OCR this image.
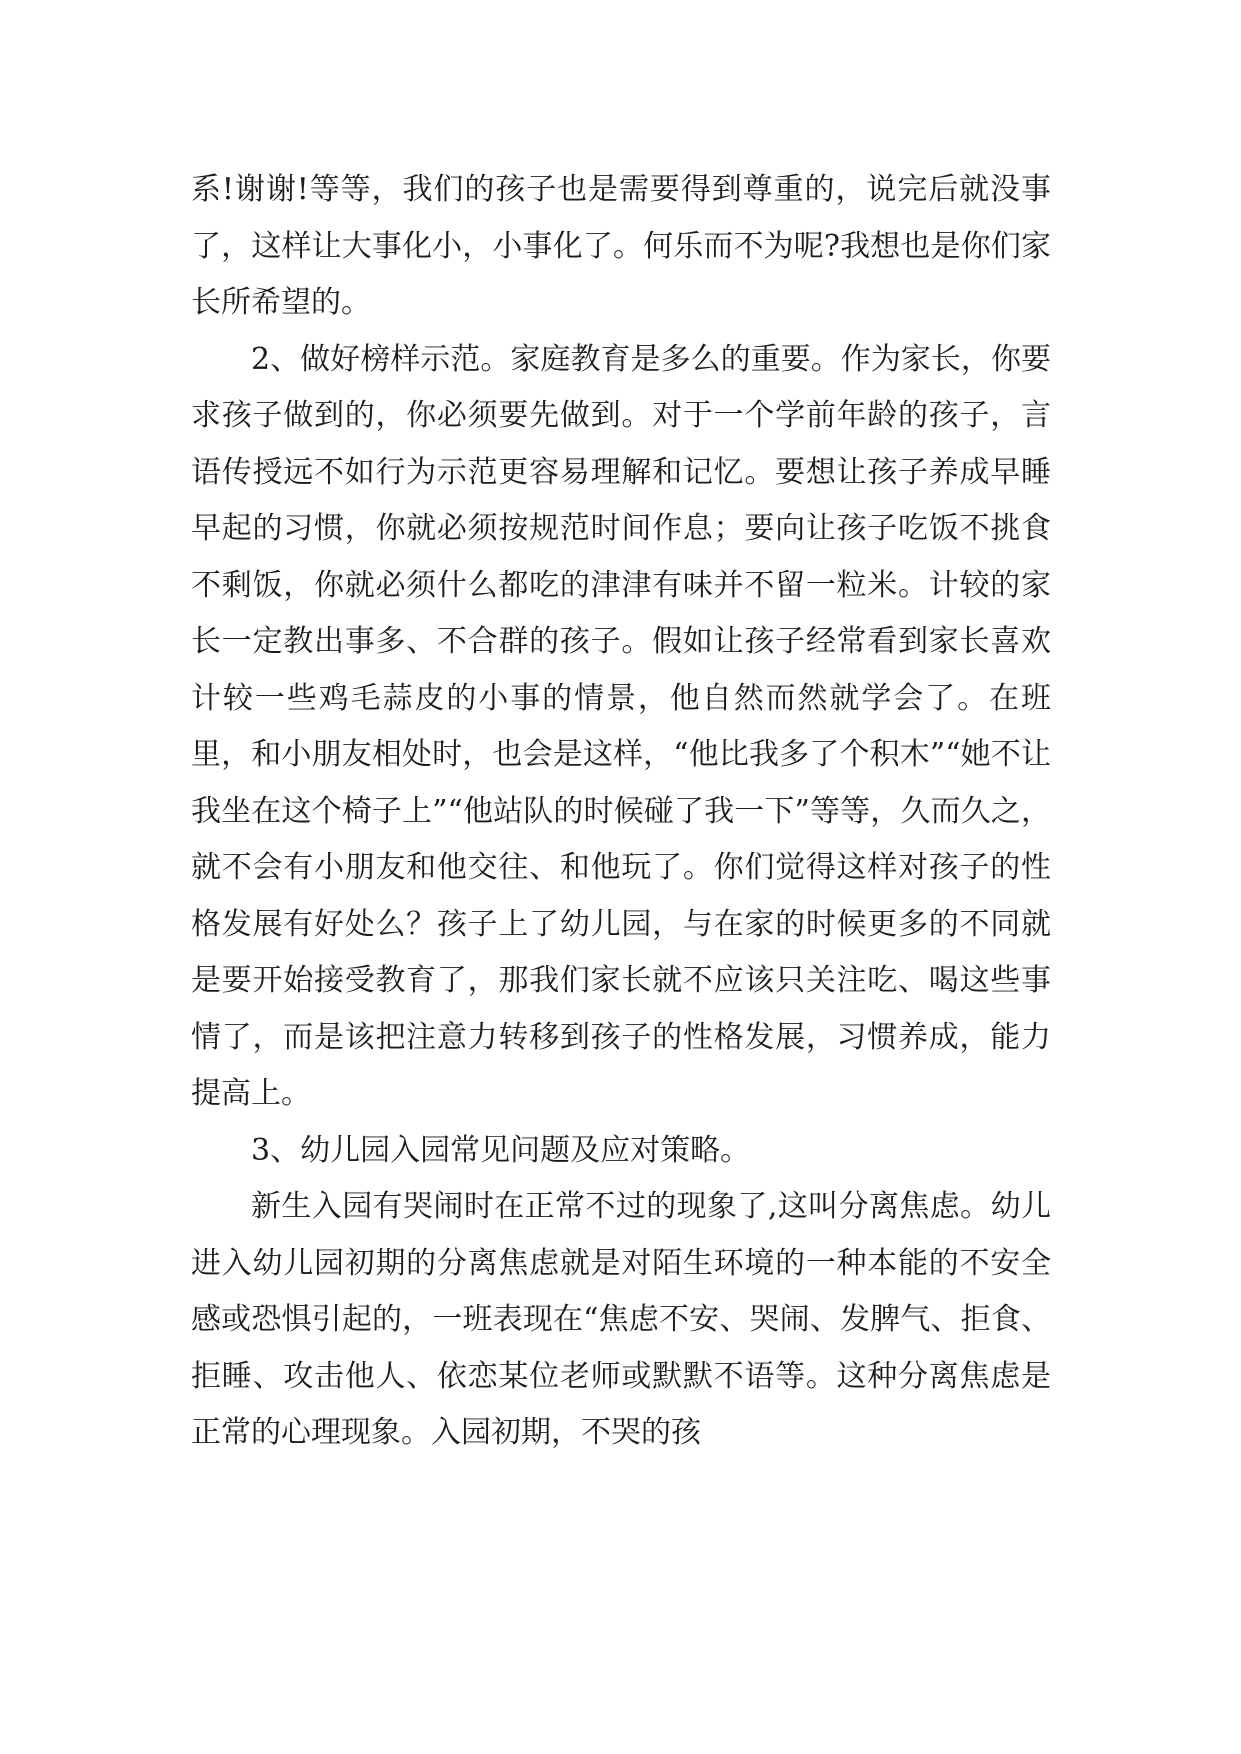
系!谢谢!等等，我们的孩子也是需要得到尊重的，说完后就没事了，这样让大事化小，小事化了。何乐而不为呢?我想也是你们家长所希望的。

2、做好榜样示范。家庭教育是多么的重要。作为家长，你要求孩子做到的，你必须要先做到。对于一个学前年龄的孩子，言语传授远不如行为示范更容易理解和记忆。要想让孩子养成早睡早起的习惯，你就必须按规范时间作息；要向让孩子吃饭不挑食不剩饭，你就必须什么都吃的津津有味并不留一粒米。计较的家长一定教出事多、不合群的孩子。假如让孩子经常看到家长喜欢计较一些鸡毛蒜皮的小事的情景，他自然而然就学会了。在班里，和小朋友相处时，也会是这样，“他比我多了个积木”“她不让我坐在这个椅子上”“他站队的时候碰了我一下”等等，久而久之，就不会有小朋友和他交往、和他玩了。你们觉得这样对孩子的性格发展有好处么？孩子上了幼儿园，与在家的时候更多的不同就是要开始接受教育了，那我们家长就不应该只关注吃、喝这些事情了，而是该把注意力转移到孩子的性格发展，习惯养成，能力提高上。

3、幼儿园入园常见问题及应对策略。

新生入园有哭闹时在正常不过的现象了,这叫分离焦虑。幼儿进入幼儿园初期的分离焦虑就是对陌生环境的一种本能的不安全感或恐惧引起的，一班表现在“焦虑不安、哭闹、发脾气、拒食、拒睡、攻击他人、依恋某位老师或默默不语等。这种分离焦虑是正常的心理现象。入园初期，不哭的孩
